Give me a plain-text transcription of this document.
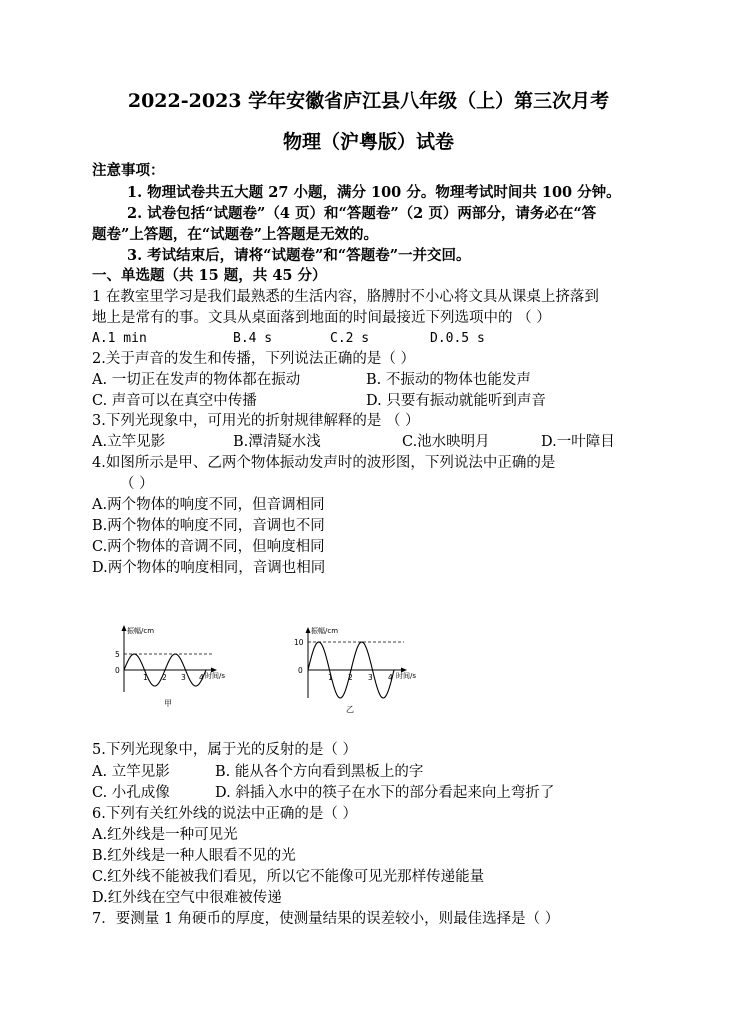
2022-2023 学年安徽省庐江县八年级（上）第三次月考
物理（沪粤版）试卷
注意事项：
1. 物理试卷共五大题 27 小题，满分 100 分。物理考试时间共 100 分钟。
2. 试卷包括“试题卷”（4 页）和“答题卷”（2 页）两部分，请务必在“答
题卷”上答题，在“试题卷”上答题是无效的。
3. 考试结束后，请将“试题卷”和“答题卷”一并交回。
一、单选题（共 15 题，共 45 分）
1 在教室里学习是我们最熟悉的生活内容，胳膊肘不小心将文具从课桌上挤落到
地上是常有的事。文具从桌面落到地面的时间最接近下列选项中的 （ ）
A.1 min	B.4 s	C.2 s	D.0.5 s
2.关于声音的发生和传播，下列说法正确的是（ ）
A. 一切正在发声的物体都在振动	B. 不振动的物体也能发声
C. 声音可以在真空中传播	D. 只要有振动就能听到声音
3.下列光现象中，可用光的折射规律解释的是 （ ）
A.立竿见影	B.潭清疑水浅	C.池水映明月	D.一叶障目
4.如图所示是甲、乙两个物体振动发声时的波形图，下列说法中正确的是
（ ）
A.两个物体的响度不同，但音调相同
B.两个物体的响度不同，音调也不同
C.两个物体的音调不同，但响度相同
D.两个物体的响度相同，音调也相同
振幅/cm
5
0
1 2 3 4 时间/s
甲
振幅/cm
10
0
1 2 3 4 时间/s
乙
5.下列光现象中，属于光的反射的是（ ）
A. 立竿见影	B. 能从各个方向看到黑板上的字
C. 小孔成像	D. 斜插入水中的筷子在水下的部分看起来向上弯折了
6.下列有关红外线的说法中正确的是（ ）
A.红外线是一种可见光
B.红外线是一种人眼看不见的光
C.红外线不能被我们看见，所以它不能像可见光那样传递能量
D.红外线在空气中很难被传递
7．要测量 1 角硬币的厚度，使测量结果的误差较小，则最佳选择是（ ）
